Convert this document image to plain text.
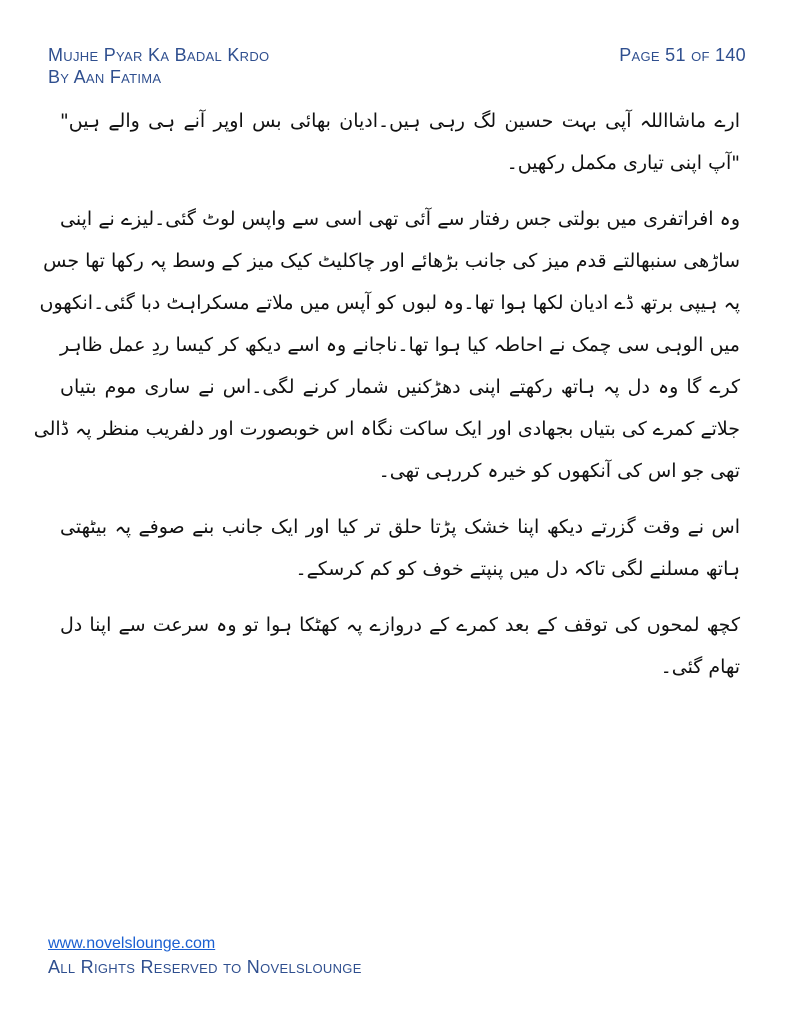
Mujhe Pyar Ka Badal Krdo
By Aan Fatima
Page 51 of 140
ارے ماشااللہ آپی بہت حسین لگ رہی ہیں۔ادیان بھائی بس اوپر آنے ہی والے ہیں"
"آپ اپنی تیاری مکمل رکھیں۔
وہ افراتفری میں بولتی جس رفتار سے آئی تھی اسی سے واپس لوٹ گئی۔لیزے نے اپنی
ساڑھی سنبھالتے قدم میز کی جانب بڑھائے اور چاکلیٹ کیک میز کے وسط پہ رکھا تھا جس
پہ ہیپی برتھ ڈے ادیان لکھا ہوا تھا۔وہ لبوں کو آپس میں ملاتے مسکراہٹ دبا گئی۔انکھوں
میں الوہی سی چمک نے احاطہ کیا ہوا تھا۔ناجانے وہ اسے دیکھ کر کیسا ردِ عمل ظاہر
کرے گا وہ دل پہ ہاتھ رکھتے اپنی دھڑکنیں شمار کرنے لگی۔اس نے ساری موم بتیاں
جلاتے کمرے کی بتیاں بجھادی اور ایک ساکت نگاہ اس خوبصورت اور دلفریب منظر پہ ڈالی
تھی جو اس کی آنکھوں کو خیرہ کررہی تھی۔
اس نے وقت گزرتے دیکھ اپنا خشک پڑتا حلق تر کیا اور ایک جانب بنے صوفے پہ بیٹھتی
ہاتھ مسلنے لگی تاکہ دل میں پنپتے خوف کو کم کرسکے۔
کچھ لمحوں کی توقف کے بعد کمرے کے دروازے پہ کھٹکا ہوا تو وہ سرعت سے اپنا دل
تھام گئی۔
www.novelslounge.com
All Rights Reserved to Novelslounge
